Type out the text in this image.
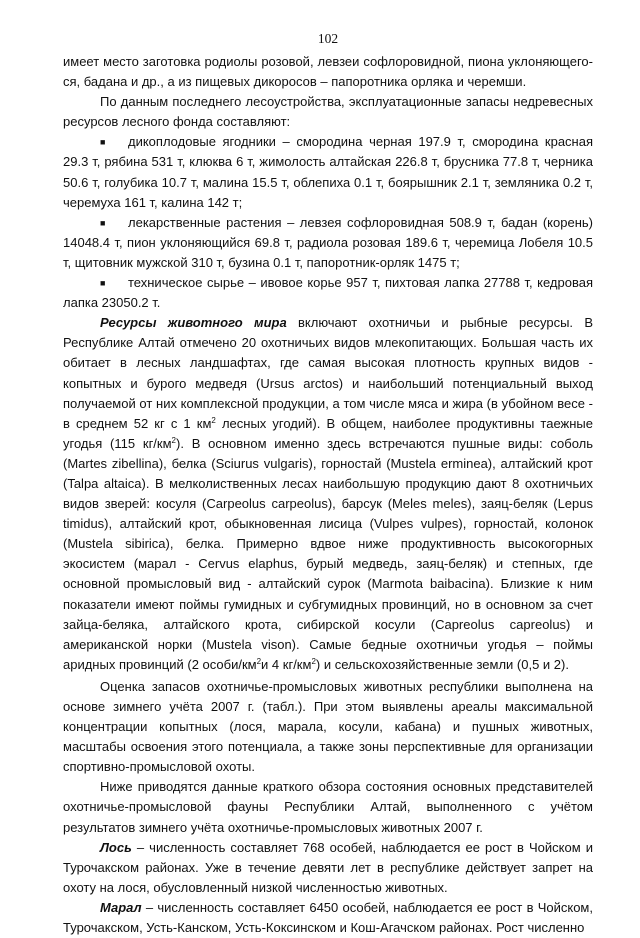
102

имеет место заготовка родиолы розовой, левзеи софлоровидной, пиона уклоняющегося, бадана и др., а из пищевых дикоросов – папоротника орляка и черемши.

По данным последнего лесоустройства, эксплуатационные запасы недревесных ресурсов лесного фонда составляют:

■ дикоплодовые ягодники – смородина черная 197.9 т, смородина красная 29.3 т, рябина 531 т, клюква 6 т, жимолость алтайская 226.8 т, брусника 77.8 т, черника 50.6 т, голубика 10.7 т, малина 15.5 т, облепиха 0.1 т, боярышник 2.1 т, земляника 0.2 т, черемуха 161 т, калина 142 т;

■ лекарственные растения – левзея софлоровидная 508.9 т, бадан (корень) 14048.4 т, пион уклоняющийся 69.8 т, радиола розовая 189.6 т, черемица Лобеля 10.5 т, щитовник мужской 310 т, бузина 0.1 т, папоротник-орляк 1475 т;

■ техническое сырье – ивовое корье 957 т, пихтовая лапка 27788 т, кедровая лапка 23050.2 т.

Ресурсы животного мира включают охотничьи и рыбные ресурсы. В Республике Алтай отмечено 20 охотничьих видов млекопитающих. Большая часть их обитает в лесных ландшафтах, где самая высокая плотность крупных видов - копытных и бурого медведя (Ursus arctos) и наибольший потенциальный выход получаемой от них комплексной продукции, а том числе мяса и жира (в убойном весе - в среднем 52 кг с 1 $км^2$ лесных угодий). В общем, наиболее продуктивны таежные угодья (115 $кг/км^2$). В основном именно здесь встречаются пушные виды: соболь (Martes zibellina), белка (Sciurus vulgaris), горностай (Mustela erminea), алтайский крот (Talpa altaica). В мелколиственных лесах наибольшую продукцию дают 8 охотничьих видов зверей: косуля (Carpeolus carpeolus), барсук (Meles meles), заяц-беляк (Lepus timidus), алтайский крот, обыкновенная лисица (Vulpes vulpes), горностай, колонок (Mustela sibirica), белка. Примерно вдвое ниже продуктивность высокогорных экосистем (марал - Cervus elaphus, бурый медведь, заяц-беляк) и степных, где основной промысловый вид - алтайский сурок (Marmota baibacina). Близкие к ним показатели имеют поймы гумидных и субгумидных провинций, но в основном за счет зайца-беляка, алтайского крота, сибирской косули (Capreolus capreolus) и американской норки (Mustela vison). Самые бедные охотничьи угодья – поймы аридных провинций (2 особи/$км^2и$ 4 $кг/км^2$) и сельскохозяйственные земли (0,5 и 2).

Оценка запасов охотничье-промысловых животных республики выполнена на основе зимнего учёта 2007 г. (табл.). При этом выявлены ареалы максимальной концентрации копытных (лося, марала, косули, кабана) и пушных животных, масштабы освоения этого потенциала, а также зоны перспективные для организации спортивно-промысловой охоты.

Ниже приводятся данные краткого обзора состояния основных представителей охотничье-промысловой фауны Республики Алтай, выполненного с учётом результатов зимнего учёта охотничье-промысловых животных 2007 г.

Лось – численность составляет 768 особей, наблюдается ее рост в Чойском и Турочакском районах. Уже в течение девяти лет в республике действует запрет на охоту на лося, обусловленный низкой численностью животных.

Марал – численность составляет 6450 особей, наблюдается ее рост в Чойском, Турочакском, Усть-Канском, Усть-Коксинском и Кош-Агачском районах. Рост численно
